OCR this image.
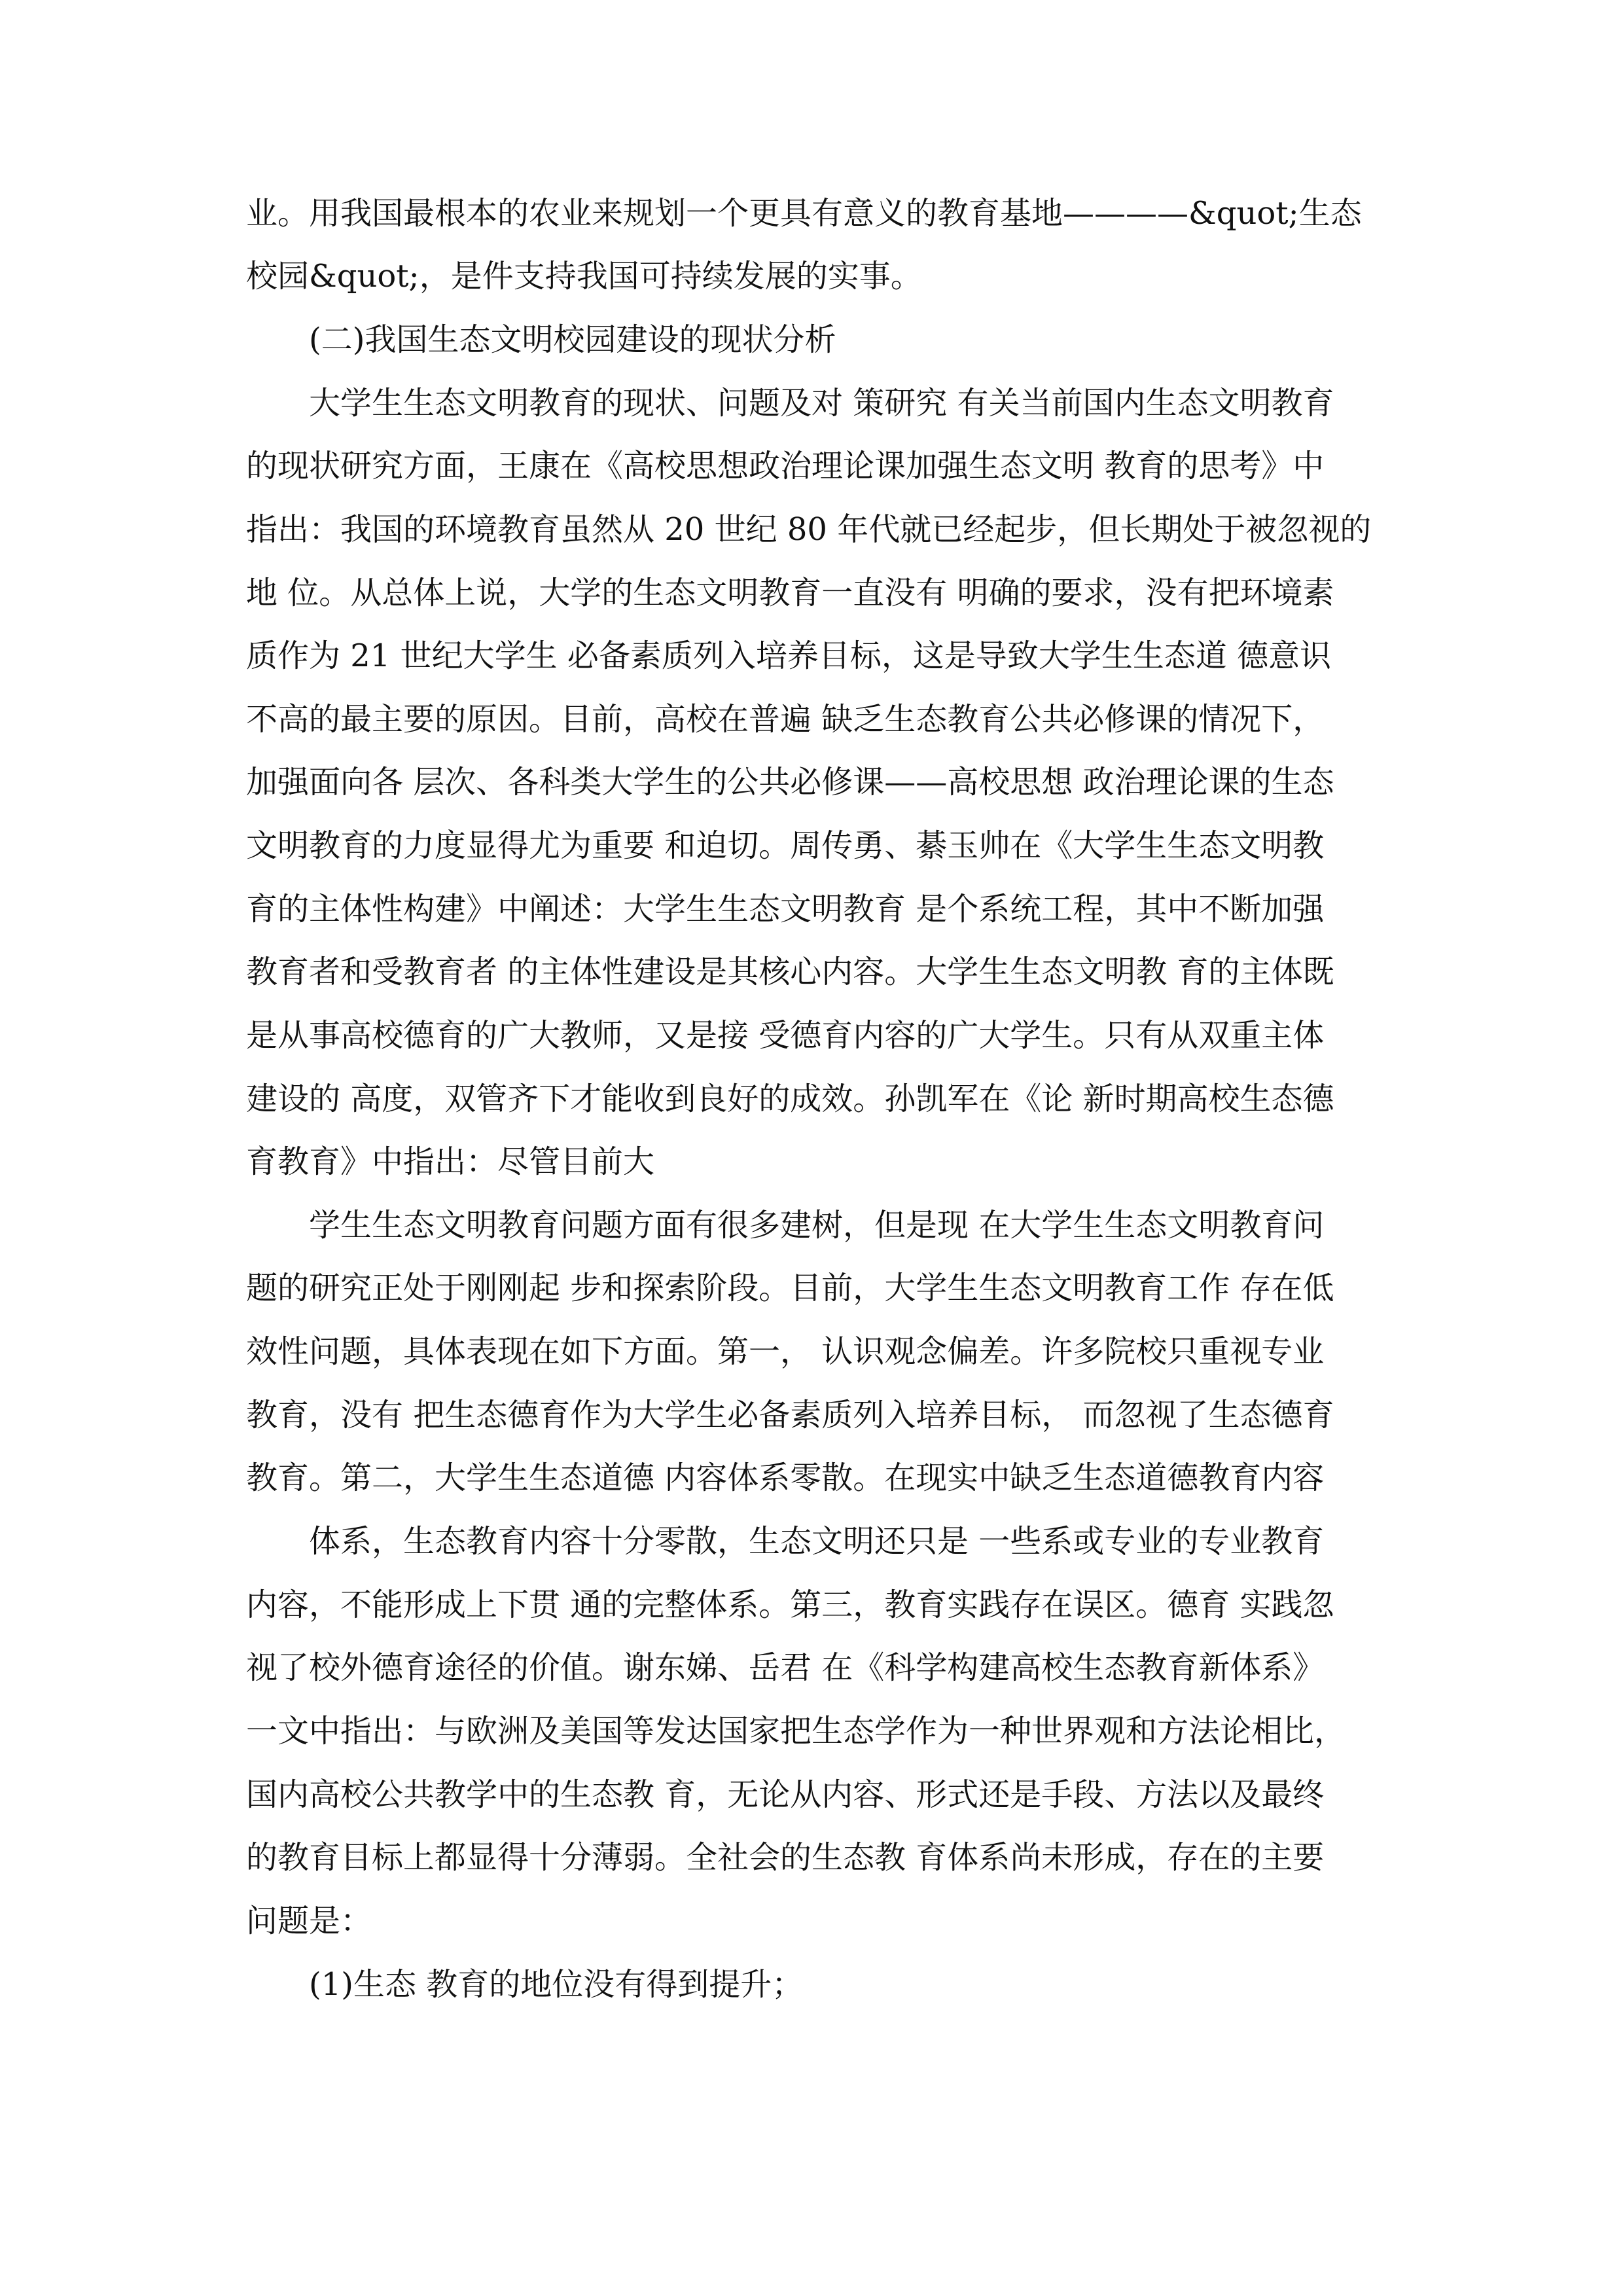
业。用我国最根本的农业来规划一个更具有意义的教育基地————&quot;生态
校园&quot;，是件支持我国可持续发展的实事。
(二)我国生态文明校园建设的现状分析
大学生生态文明教育的现状、问题及对 策研究 有关当前国内生态文明教育
的现状研究方面，王康在《高校思想政治理论课加强生态文明 教育的思考》中
指出：我国的环境教育虽然从 20 世纪 80 年代就已经起步，但长期处于被忽视的
地 位。从总体上说，大学的生态文明教育一直没有 明确的要求，没有把环境素
质作为 21 世纪大学生 必备素质列入培养目标，这是导致大学生生态道 德意识
不高的最主要的原因。目前，高校在普遍 缺乏生态教育公共必修课的情况下，
加强面向各 层次、各科类大学生的公共必修课——高校思想 政治理论课的生态
文明教育的力度显得尤为重要 和迫切。周传勇、綦玉帅在《大学生生态文明教
育的主体性构建》中阐述：大学生生态文明教育 是个系统工程，其中不断加强
教育者和受教育者 的主体性建设是其核心内容。大学生生态文明教 育的主体既
是从事高校德育的广大教师，又是接 受德育内容的广大学生。只有从双重主体
建设的 高度，双管齐下才能收到良好的成效。孙凯军在《论 新时期高校生态德
育教育》中指出：尽管目前大
学生生态文明教育问题方面有很多建树，但是现 在大学生生态文明教育问
题的研究正处于刚刚起 步和探索阶段。目前，大学生生态文明教育工作 存在低
效性问题，具体表现在如下方面。第一， 认识观念偏差。许多院校只重视专业
教育，没有 把生态德育作为大学生必备素质列入培养目标， 而忽视了生态德育
教育。第二，大学生生态道德 内容体系零散。在现实中缺乏生态道德教育内容
体系，生态教育内容十分零散，生态文明还只是 一些系或专业的专业教育
内容，不能形成上下贯 通的完整体系。第三，教育实践存在误区。德育 实践忽
视了校外德育途径的价值。谢东娣、岳君 在《科学构建高校生态教育新体系》
一文中指出：与欧洲及美国等发达国家把生态学作为一种世界观和方法论相比，
国内高校公共教学中的生态教 育，无论从内容、形式还是手段、方法以及最终
的教育目标上都显得十分薄弱。全社会的生态教 育体系尚未形成，存在的主要
问题是：
(1)生态 教育的地位没有得到提升；
